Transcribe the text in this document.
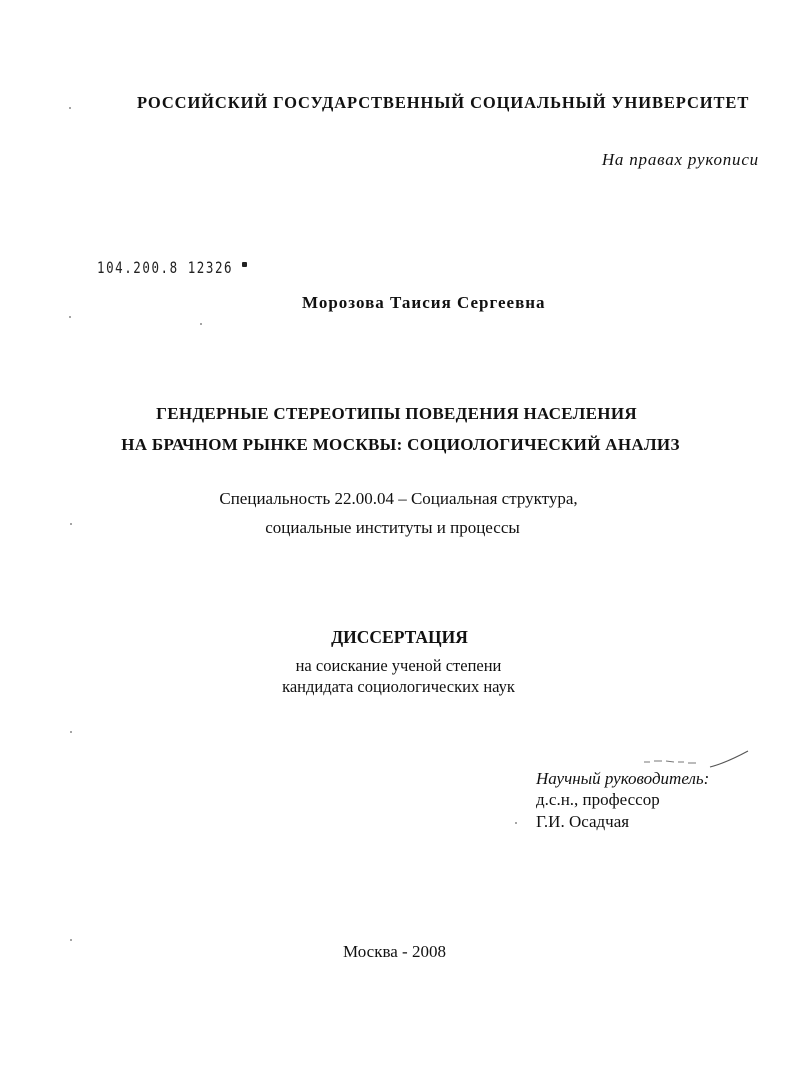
РОССИЙСКИЙ ГОСУДАРСТВЕННЫЙ СОЦИАЛЬНЫЙ УНИВЕРСИТЕТ
На правах рукописи
104.200.8 12326
Морозова Таисия Сергеевна
ГЕНДЕРНЫЕ СТЕРЕОТИПЫ ПОВЕДЕНИЯ НАСЕЛЕНИЯ
НА БРАЧНОМ РЫНКЕ МОСКВЫ: СОЦИОЛОГИЧЕСКИЙ АНАЛИЗ
Специальность 22.00.04 – Социальная структура,
социальные институты и процессы
ДИССЕРТАЦИЯ
на соискание ученой степени
кандидата социологических наук
Научный руководитель:
д.с.н., профессор
Г.И. Осадчая
Москва - 2008
